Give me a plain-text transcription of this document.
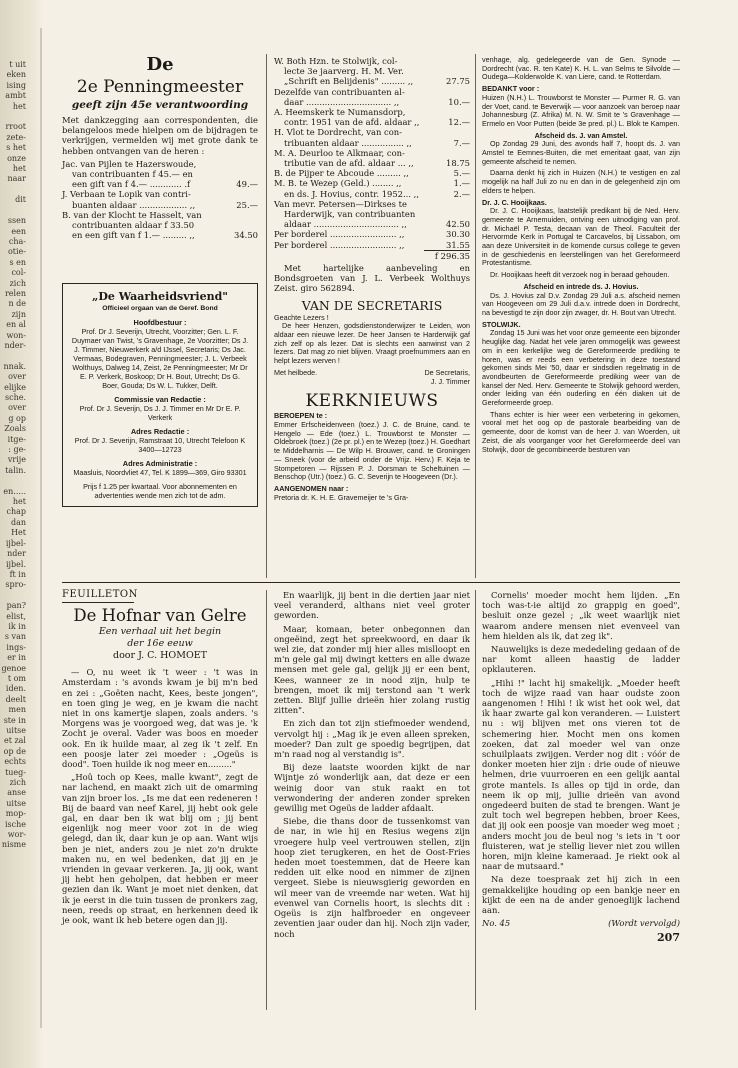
t uit
eken
ising
ambt
het

rroot
zete-
s het
onze
het
naar

dit

ssen
een
cha-
otie-
s en
col-
zich
relen
n de
zijn
en al
won-
nder-

nnak.
over
elijke
sche.
over
g op
Zoals
itge-
: ge-
vrije
talin.

en.....
het
chap
dan
Het
ijbel-
nder
ijbel.
ft in
spro-

pan?
elist,
ik in
s van
ings-
er in
genoe
t om
iden.
deelt
men
ste in
uitse
et zal
op de
echts
tueg-
zich
anse
uitse
mop-
ische
wor-
nisme
De
2e Penningmeester
geeft zijn 45e verantwoording

Met dankzegging aan correspondenten, die belangeloos mede hielpen om de bijdragen te verkrijgen, vermelden wij met grote dank te hebben ontvangen van de heren :

Jac. van Pijlen te Hazerswoude,
van contribuanten f 45.— en
een gift van f 4.— ............ .f	49.—
J. Verbaan te Lopik van contri-
buanten aldaar .................. ,,	25.—
B. van der Klocht te Hasselt, van
contribuanten aldaar f 33.50
en een gift van f 1.— ......... ,,	34.50
„De Waarheidsvriend"
Officieel orgaan van de Geref. Bond
Hoofdbestuur :
Prof. Dr J. Severijn, Utrecht, Voorzitter; Gen. L. F. Duymaer van Twist, 's Gravenhage, 2e Voorzitter; Ds J. J. Timmer, Nieuwerkerk a/d IJssel, Secretaris; Ds Jac. Vermaas, Bodegraven, Penningmeester; J. L. Verbeek Wolthuys, Dalweg 14, Zeist, 2e Penningmeester; Mr Dr E. P. Verkerk, Boskoop; Dr H. Bout, Utrecht; Ds G. Boer, Gouda; Ds W. L. Tukker, Delft.
Commissie van Redactie :
Prof. Dr J. Severijn, Ds J. J. Timmer en Mr Dr E. P. Verkerk
Adres Redactie :
Prof. Dr J. Severijn, Ramstraat 10, Utrecht Telefoon K 3400—12723
Adres Administratie :
Maasluis, Noordvliet 47, Tel. K 1899—369, Giro 93301
Prijs f 1.25 per kwartaal. Voor abonnementen en advertenties wende men zich tot de adm.
W. Both Hzn. te Stolwijk, col-
lecte 3e jaarverg. H. M. Ver.
„Schrift en Belijdenis" ......... ,,	27.75
Dezelfde van contribuanten al-
daar ................................ ,,	10.—
A. Heemskerk te Numansdorp,
contr. 1951 van de afd. aldaar ,,	12.—
H. Vlot te Dordrecht, van con-
tribuanten aldaar ................ ,,	7.—
M. A. Deurloo te Alkmaar, con-
tributie van de afd. aldaar ... ,,	18.75
B. de Pijper te Abcoude ......... ,,	5.—
M. B. te Wezep (Geld.) ........ ,,	1.—
en ds. J. Hovius, contr. 1952... ,,	2.—
Van mevr. Petersen—Dirkses te
Harderwijk, van contribuanten
aldaar ................................ ,,	42.50
Per borderel ......................... ,,	30.30
Per borderel ......................... ,,	31.55
f 296.35

Met hartelijke aanbeveling en Bondsgroeten van J. L. Verbeek Wolthuys Zeist. giro 562894.

VAN DE SECRETARIS
Geachte Lezers !

De heer Henzen, godsdienstonderwijzer te Leiden, won aldaar een nieuwe lezer. De heer Jansen te Harderwijk gaf zich zelf op als lezer. Dat is slechts een aanwinst van 2 lezers. Dat mag zo niet blijven. Vraagt proefnummers aan en helpt lezers werven !

Met heilbede.	De Secretaris,
J. J. Timmer
KERKNIEUWS
BEROEPEN te :

Emmer Erfscheidenveen (toez.) J. C. de Bruine, cand. te Hengelo — Ede (toez.) L. Trouwborst te Monster — Oldebroek (toez.) (2e pr. pl.) en te Wezep (toez.) H. Goedhart te Middelharnis — De Wilp H. Brouwer, cand. te Groningen — Sneek (voor de arbeid onder de Vrijz. Herv.) F. Keja te Stompetoren — Rijssen P. J. Dorsman te Scheltuinen — Benschop (Utr.) (toez.) G. C. Severijn te Hoogeveen (Dr.).

AANGENOMEN naar :

Pretoria dr. K. H. E. Gravemeijer te 's Gra-

venhage, alg. gedelegeerde van de Gen. Synode — Dordrecht (vac. R. ten Kate) K. H. L. van Selms te Silvolde — Oudega—Kolderwolde K. van Liere, cand. te Rotterdam.

BEDANKT voor :

Huizen (N.H.) L. Trouwborst te Monster — Purmer R. G. van der Voet, cand. te Beverwijk — voor aanzoek van beroep naar Johannesburg (Z. Afrika) M. N. W. Smit te 's Gravenhage — Ermelo en Voor Putten (beide 3e pred. pl.) L. Blok te Kampen.

Afscheid ds. J. van Amstel.

Op Zondag 29 Juni, des avonds half 7, hoopt ds. J. van Amstel te Eemnes-Buiten, die met emeritaat gaat, van zijn gemeente afscheid te nemen.

Daarna denkt hij zich in Huizen (N.H.) te vestigen en zal mogelijk na half Juli zo nu en dan in de gelegenheid zijn om elders te helpen.

Dr. J. C. Hooijkaas.

Dr. J. C. Hooijkaas, laatstelijk predikant bij de Ned. Herv. gemeente te Arnemuiden, ontving een uitnodiging van prof. dr. Michaël P. Testa, decaan van de Theol. Faculteit der Hervormde Kerk in Portugal te Carcavelos, bij Lissabon, om aan deze Universiteit in de komende cursus college te geven in de geschiedenis en leerstellingen van het Gereformeerd Protestantisme.

Dr. Hooijkaas heeft dit verzoek nog in beraad gehouden.

Afscheid en intrede ds. J. Hovius.

Ds. J. Hovius zal D.v. Zondag 29 Juli a.s. afscheid nemen van Hoogeveen om 29 Juli d.a.v. intrede doen in Dordrecht, na bevestigd te zijn door zijn zwager, dr. H. Bout van Utrecht.

STOLWIJK.

Zondag 15 Juni was het voor onze gemeente een bijzonder heuglijke dag. Nadat het vele jaren ommogelijk was geweest om in een kerkelijke weg de Gereformeerde prediking te horen, was er reeds een verbetering in deze toestand gekomen sinds Mei '50, daar er sindsdien regelmatig in de avondbeurten de Gereformeerde prediking weer van de kansel der Ned. Herv. Gemeente te Stolwijk gehoord werden, onder leiding van één ouderling en één diaken uit de Gereformeerde groep.

Thans echter is hier weer een verbetering in gekomen, vooral met het oog op de pastorale bearbeiding van de gemeente, door de komst van de heer J. van Woerden, uit Zeist, die als voorganger voor het Gereformeerde deel van Stolwijk, door de gecombineerde besturen van

FEUILLETON
De Hofnar van Gelre
Een verhaal uit het begin
der 16e eeuw
door J. C. HOMOET

— O, nu weet ik 't weer : 't was in Amsterdam : 's avonds kwam je bij m'n bed en zei : „Goëten nacht, Kees, beste jongen", en toen ging je weg, en je kwam die nacht niet in ons kamertje slapen, zoals anders. 's Morgens was je voorgoed weg, dat was je. 'k Zocht je overal. Vader was boos en moeder ook. En ik huilde maar, al zeg ik 't zelf. En een poosje later zei moeder : „Ogeüs is dood". Toen huilde ik nog meer en........."

„Hoû toch op Kees, malle kwant", zegt de nar lachend, en maakt zich uit de omarming van zijn broer los. „Is me dat een redeneren ! Bij de baard van neef Karel, jij hebt ook gele gal, en daar ben ik wat blij om ; jij bent eigenlijk nog meer voor zot in de wieg gelegd, dan ik, daar kun je op aan. Want wijs ben je niet, anders zou je niet zo'n drukte maken nu, en wel bedenken, dat jij en je vrienden in gevaar verkeren. Ja, jij ook, want jij hebt hen geholpen, dat hebben er meer gezien dan ik. Want je moet niet denken, dat ik je eerst in die tuin tussen de pronkers zag, neen, reeds op straat, en herkennen deed ik je ook, want ik heb betere ogen dan jij.

En waarlijk, jij bent in die dertien jaar niet veel veranderd, althans niet veel groter geworden.

Maar, komaan, beter onbegonnen dan ongeëind, zegt het spreekwoord, en daar ik wel zie, dat zonder mij hier alles mislloopt en m'n gele gal mij dwingt ketters en alle dwaze mensen met gele gal, gelijk jij er een bent, Kees, wanneer ze in nood zijn, hulp te brengen, moet ik mij terstond aan 't werk zetten. Blijf jullie drieën hier zolang rustig zitten".

En zich dan tot zijn stiefmoeder wendend, vervolgt hij : „Mag ik je even alleen spreken, moeder? Dan zult ge spoedig begrijpen, dat m'n raad nog al verstandig is".

Bij deze laatste woorden kijkt de nar Wijntje zó wonderlijk aan, dat deze er een weinig door van stuk raakt en tot verwondering der anderen zonder spreken gewillig met Ogeüs de ladder afdaalt.

Siebe, die thans door de tussenkomst van de nar, in wie hij en Resius wegens zijn vroegere hulp veel vertrouwen stellen, zijn hoop ziet terugkeren, en het de Oost-Fries heden moet toestemmen, dat de Heere kan redden uit elke nood en nimmer de zijnen vergeet. Siebe is nieuwsgierig geworden en wil meer van de vreemde nar weten. Wat hij evenwel van Cornelis hoort, is slechts dit : Ogeüs is zijn halfbroeder en ongeveer zeventien jaar ouder dan hij. Noch zijn vader, noch

Cornelis' moeder mocht hem lijden. „En toch was-t-ie altijd zo grappig en goed", besluit onze gezel ; „ik weet waarlijk niet waarom andere mensen niet evenveel van hem hielden als ik, dat zeg ik".

Nauwelijks is deze mededeling gedaan of de nar komt alleen haastig de ladder opklauteren.

„Hihi !" lacht hij smakelijk. „Moeder heeft toch de wijze raad van haar oudste zoon aangenomen ! Hihi ! ik wist het ook wel, dat ik haar zwarte gal kon veranderen. — Luistert nu : wij blijven met ons vieren tot de schemering hier. Mocht men ons komen zoeken, dat zal moeder wel van onze schuilplaats zwijgen. Verder nog dit : vóór de donker moeten hier zijn : drie oude of nieuwe helmen, drie vuurroeren en een gelijk aantal grote mantels. Is alles op tijd in orde, dan neem ik op mij, jullie drieën van avond ongedeerd buiten de stad te brengen. Want je zult toch wel begrepen hebben, broer Kees, dat jij ook een poosje van moeder weg moet ; anders mocht jou de beul nog 's iets in 't oor fluisteren, wat je stellig liever niet zou willen horen, mijn kleine kameraad. Je riekt ook al naar de mutsaard."

Na deze toespraak zet hij zich in een gemakkelijke houding op een bankje neer en kijkt de een na de ander genoeglijk lachend aan.

No. 45	(Wordt vervolgd)
207
